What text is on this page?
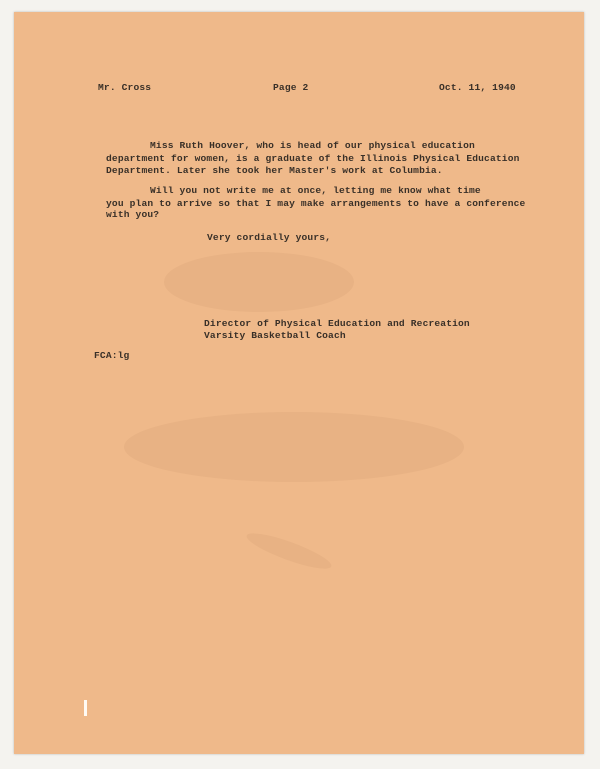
Mr. Cross	Page 2	Oct. 11, 1940
Miss Ruth Hoover, who is head of our physical education
department for women, is a graduate of the Illinois Physical Education
Department. Later she took her Master's work at Columbia.
Will you not write me at once, letting me know what time
you plan to arrive so that I may make arrangements to have a conference
with you?
Very cordially yours,
Director of Physical Education and Recreation
Varsity Basketball Coach
FCA:lg
